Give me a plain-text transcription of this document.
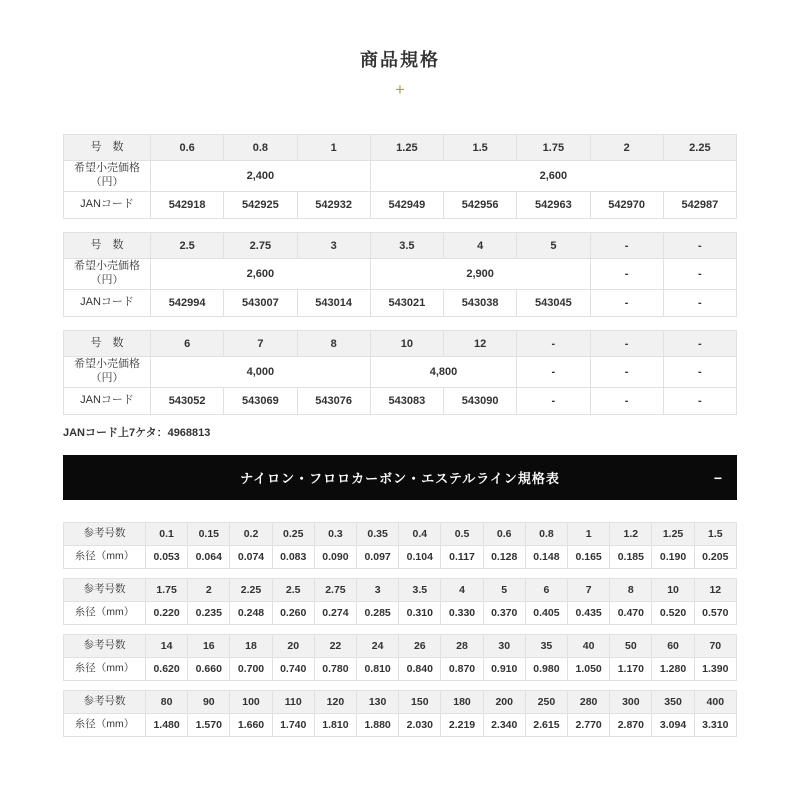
商品規格
+
号　数	0.6	0.8	1	1.25	1.5	1.75	2	2.25
希望小売価格（円）	2,400			2,600				
JANコード	542918	542925	542932	542949	542956	542963	542970	542987
号　数	2.5	2.75	3	3.5	4	5	-	-
希望小売価格（円）	2,600			2,900			-	-
JANコード	542994	543007	543014	543021	543038	543045	-	-
号　数	6	7	8	10	12	-	-	-
希望小売価格（円）	4,000			4,800		-	-	-
JANコード	543052	543069	543076	543083	543090	-	-	-
JANコード上7ケタ：4968813
ナイロン・フロロカーボン・エステルライン規格表	−
参考号数	0.1	0.15	0.2	0.25	0.3	0.35	0.4	0.5	0.6	0.8	1	1.2	1.25	1.5
糸径（mm）	0.053	0.064	0.074	0.083	0.090	0.097	0.104	0.117	0.128	0.148	0.165	0.185	0.190	0.205
参考号数	1.75	2	2.25	2.5	2.75	3	3.5	4	5	6	7	8	10	12
糸径（mm）	0.220	0.235	0.248	0.260	0.274	0.285	0.310	0.330	0.370	0.405	0.435	0.470	0.520	0.570
参考号数	14	16	18	20	22	24	26	28	30	35	40	50	60	70
糸径（mm）	0.620	0.660	0.700	0.740	0.780	0.810	0.840	0.870	0.910	0.980	1.050	1.170	1.280	1.390
参考号数	80	90	100	110	120	130	150	180	200	250	280	300	350	400
糸径（mm）	1.480	1.570	1.660	1.740	1.810	1.880	2.030	2.219	2.340	2.615	2.770	2.870	3.094	3.310
